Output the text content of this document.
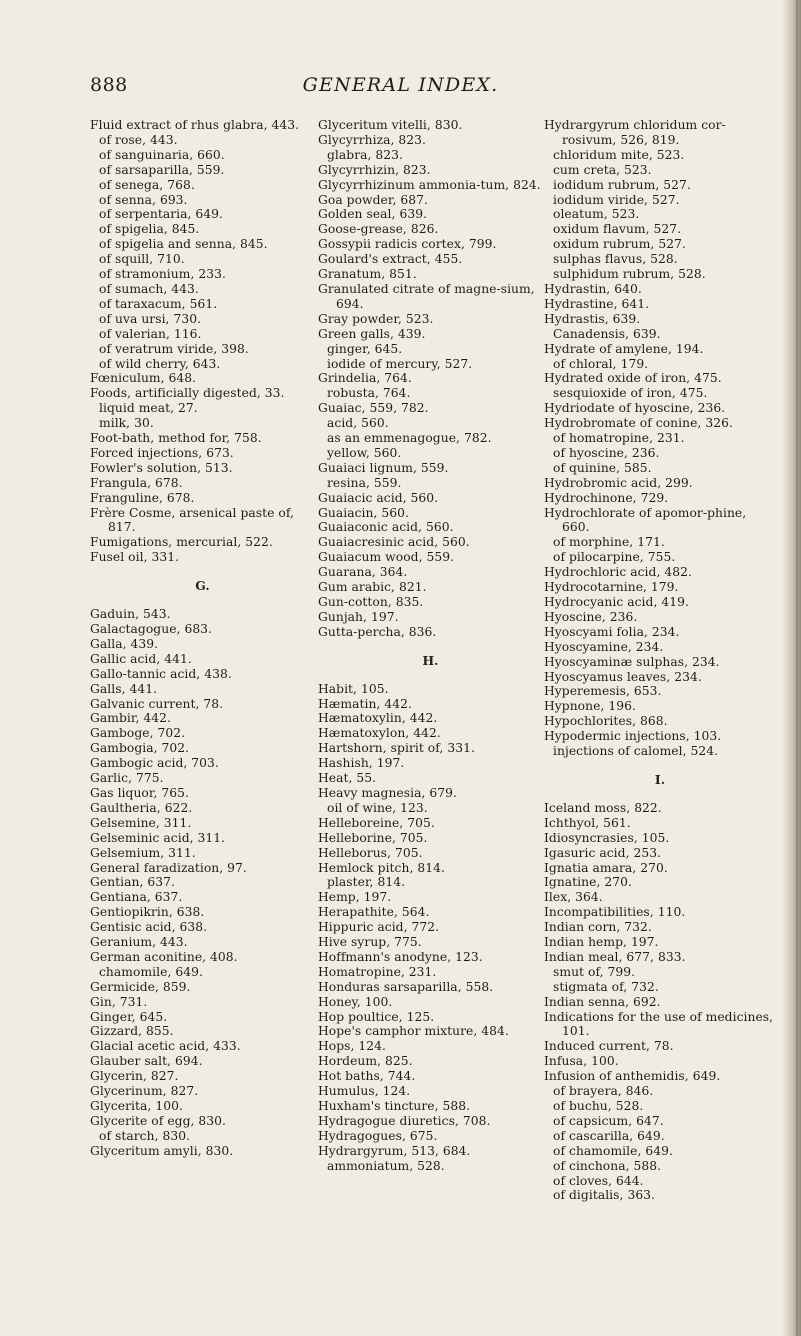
888	GENERAL INDEX.
Fluid extract of rhus glabra, 443.
of rose, 443.
of sanguinaria, 660.
of sarsaparilla, 559.
of senega, 768.
of senna, 693.
of serpentaria, 649.
of spigelia, 845.
of spigelia and senna, 845.
of squill, 710.
of stramonium, 233.
of sumach, 443.
of taraxacum, 561.
of uva ursi, 730.
of valerian, 116.
of veratrum viride, 398.
of wild cherry, 643.
Fœniculum, 648.
Foods, artificially digested, 33.
liquid meat, 27.
milk, 30.
Foot-bath, method for, 758.
Forced injections, 673.
Fowler's solution, 513.
Frangula, 678.
Franguline, 678.
Frère Cosme, arsenical paste of, 817.
Fumigations, mercurial, 522.
Fusel oil, 331.
G.
Gaduin, 543.
Galactagogue, 683.
Galla, 439.
Gallic acid, 441.
Gallo-tannic acid, 438.
Galls, 441.
Galvanic current, 78.
Gambir, 442.
Gamboge, 702.
Gambogia, 702.
Gambogic acid, 703.
Garlic, 775.
Gas liquor, 765.
Gaultheria, 622.
Gelsemine, 311.
Gelseminic acid, 311.
Gelsemium, 311.
General faradization, 97.
Gentian, 637.
Gentiana, 637.
Gentiopikrin, 638.
Gentisic acid, 638.
Geranium, 443.
German aconitine, 408.
chamomile, 649.
Germicide, 859.
Gin, 731.
Ginger, 645.
Gizzard, 855.
Glacial acetic acid, 433.
Glauber salt, 694.
Glycerin, 827.
Glycerinum, 827.
Glycerita, 100.
Glycerite of egg, 830.
of starch, 830.
Glyceritum amyli, 830.
Glyceritum vitelli, 830.
Glycyrrhiza, 823.
glabra, 823.
Glycyrrhizin, 823.
Glycyrrhizinum ammonia-tum, 824.
Goa powder, 687.
Golden seal, 639.
Goose-grease, 826.
Gossypii radicis cortex, 799.
Goulard's extract, 455.
Granatum, 851.
Granulated citrate of magne-sium, 694.
Gray powder, 523.
Green galls, 439.
ginger, 645.
iodide of mercury, 527.
Grindelia, 764.
robusta, 764.
Guaiac, 559, 782.
acid, 560.
as an emmenagogue, 782.
yellow, 560.
Guaiaci lignum, 559.
resina, 559.
Guaiacic acid, 560.
Guaiacin, 560.
Guaiaconic acid, 560.
Guaiacresinic acid, 560.
Guaiacum wood, 559.
Guarana, 364.
Gum arabic, 821.
Gun-cotton, 835.
Gunjah, 197.
Gutta-percha, 836.
H.
Habit, 105.
Hæmatin, 442.
Hæmatoxylin, 442.
Hæmatoxylon, 442.
Hartshorn, spirit of, 331.
Hashish, 197.
Heat, 55.
Heavy magnesia, 679.
oil of wine, 123.
Helleboreine, 705.
Helleborine, 705.
Helleborus, 705.
Hemlock pitch, 814.
plaster, 814.
Hemp, 197.
Herapathite, 564.
Hippuric acid, 772.
Hive syrup, 775.
Hoffmann's anodyne, 123.
Homatropine, 231.
Honduras sarsaparilla, 558.
Honey, 100.
Hop poultice, 125.
Hope's camphor mixture, 484.
Hops, 124.
Hordeum, 825.
Hot baths, 744.
Humulus, 124.
Huxham's tincture, 588.
Hydragogue diuretics, 708.
Hydragogues, 675.
Hydrargyrum, 513, 684.
ammoniatum, 528.
Hydrargyrum chloridum cor-rosivum, 526, 819.
chloridum mite, 523.
cum creta, 523.
iodidum rubrum, 527.
iodidum viride, 527.
oleatum, 523.
oxidum flavum, 527.
oxidum rubrum, 527.
sulphas flavus, 528.
sulphidum rubrum, 528.
Hydrastin, 640.
Hydrastine, 641.
Hydrastis, 639.
Canadensis, 639.
Hydrate of amylene, 194.
of chloral, 179.
Hydrated oxide of iron, 475.
sesquioxide of iron, 475.
Hydriodate of hyoscine, 236.
Hydrobromate of conine, 326.
of homatropine, 231.
of hyoscine, 236.
of quinine, 585.
Hydrobromic acid, 299.
Hydrochinone, 729.
Hydrochlorate of apomor-phine, 660.
of morphine, 171.
of pilocarpine, 755.
Hydrochloric acid, 482.
Hydrocotarnine, 179.
Hydrocyanic acid, 419.
Hyoscine, 236.
Hyoscyami folia, 234.
Hyoscyamine, 234.
Hyoscyaminæ sulphas, 234.
Hyoscyamus leaves, 234.
Hyperemesis, 653.
Hypnone, 196.
Hypochlorites, 868.
Hypodermic injections, 103.
injections of calomel, 524.
I.
Iceland moss, 822.
Ichthyol, 561.
Idiosyncrasies, 105.
Igasuric acid, 253.
Ignatia amara, 270.
Ignatine, 270.
Ilex, 364.
Incompatibilities, 110.
Indian corn, 732.
Indian hemp, 197.
Indian meal, 677, 833.
smut of, 799.
stigmata of, 732.
Indian senna, 692.
Indications for the use of medicines, 101.
Induced current, 78.
Infusa, 100.
Infusion of anthemidis, 649.
of brayera, 846.
of buchu, 528.
of capsicum, 647.
of cascarilla, 649.
of chamomile, 649.
of cinchona, 588.
of cloves, 644.
of digitalis, 363.
